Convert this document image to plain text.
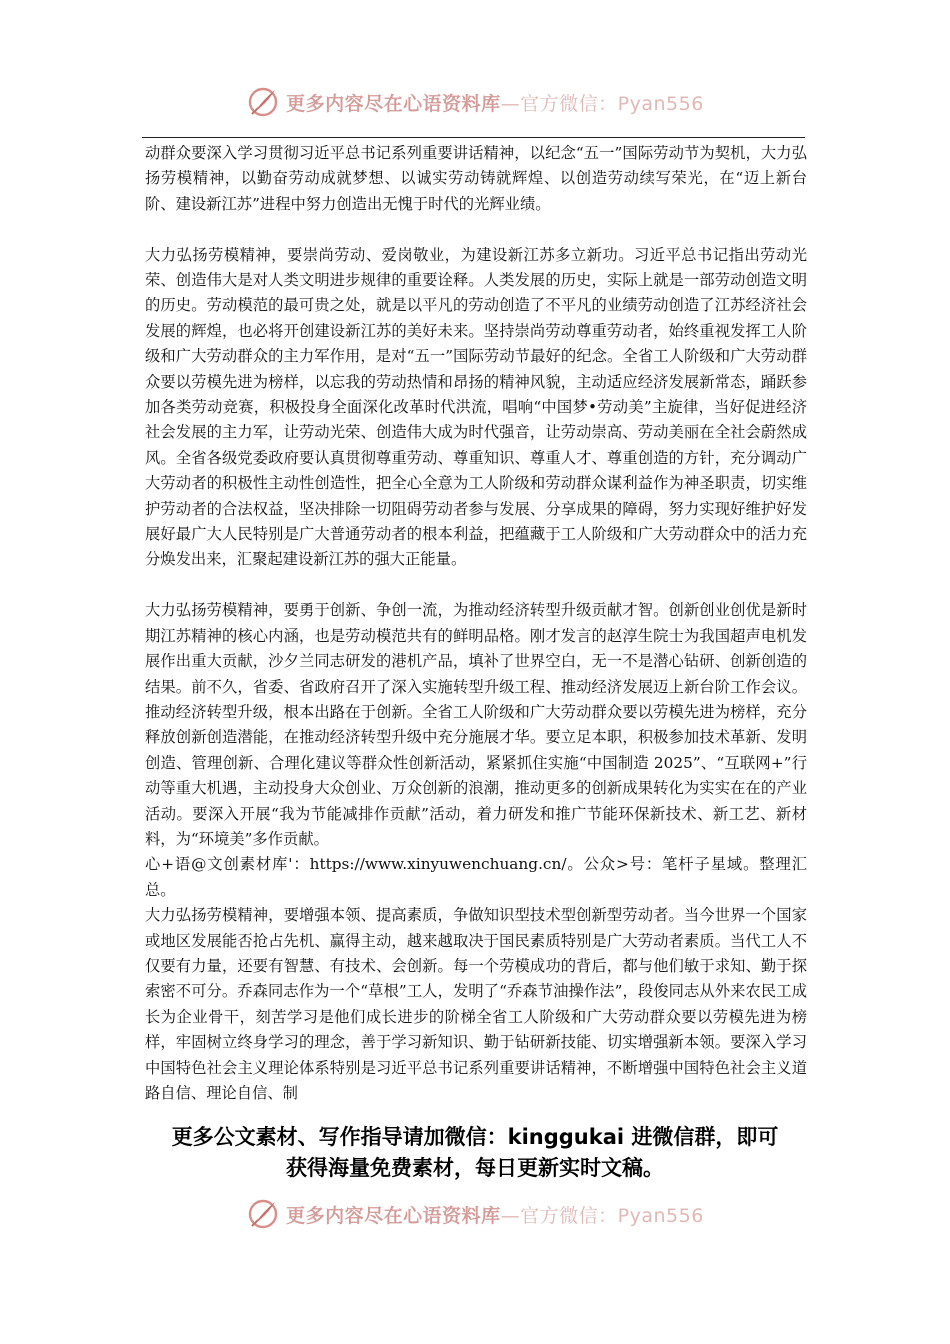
更多内容尽在心语资料库—官方微信：Pyan556

动群众要深入学习贯彻习近平总书记系列重要讲话精神，以纪念“五一”国际劳动节为契机，大力弘扬劳模精神，以勤奋劳动成就梦想、以诚实劳动铸就辉煌、以创造劳动续写荣光，在“迈上新台阶、建设新江苏”进程中努力创造出无愧于时代的光辉业绩。

大力弘扬劳模精神，要崇尚劳动、爱岗敬业，为建设新江苏多立新功。习近平总书记指出劳动光荣、创造伟大是对人类文明进步规律的重要诠释。人类发展的历史，实际上就是一部劳动创造文明的历史。劳动模范的最可贵之处，就是以平凡的劳动创造了不平凡的业绩劳动创造了江苏经济社会发展的辉煌，也必将开创建设新江苏的美好未来。坚持崇尚劳动尊重劳动者，始终重视发挥工人阶级和广大劳动群众的主力军作用，是对“五一”国际劳动节最好的纪念。全省工人阶级和广大劳动群众要以劳模先进为榜样，以忘我的劳动热情和昂扬的精神风貌，主动适应经济发展新常态，踊跃参加各类劳动竞赛，积极投身全面深化改革时代洪流，唱响“中国梦•劳动美”主旋律，当好促进经济社会发展的主力军，让劳动光荣、创造伟大成为时代强音，让劳动崇高、劳动美丽在全社会蔚然成风。全省各级党委政府要认真贯彻尊重劳动、尊重知识、尊重人才、尊重创造的方针，充分调动广大劳动者的积极性主动性创造性，把全心全意为工人阶级和劳动群众谋利益作为神圣职责，切实维护劳动者的合法权益，坚决排除一切阻碍劳动者参与发展、分享成果的障碍，努力实现好维护好发展好最广大人民特别是广大普通劳动者的根本利益，把蕴藏于工人阶级和广大劳动群众中的活力充分焕发出来，汇聚起建设新江苏的强大正能量。

大力弘扬劳模精神，要勇于创新、争创一流，为推动经济转型升级贡献才智。创新创业创优是新时期江苏精神的核心内涵，也是劳动模范共有的鲜明品格。刚才发言的赵淳生院士为我国超声电机发展作出重大贡献，沙夕兰同志研发的港机产品，填补了世界空白，无一不是潜心钻研、创新创造的结果。前不久，省委、省政府召开了深入实施转型升级工程、推动经济发展迈上新台阶工作会议。推动经济转型升级，根本出路在于创新。全省工人阶级和广大劳动群众要以劳模先进为榜样，充分释放创新创造潜能，在推动经济转型升级中充分施展才华。要立足本职，积极参加技术革新、发明创造、管理创新、合理化建议等群众性创新活动，紧紧抓住实施“中国制造 2025”、“互联网+”行动等重大机遇，主动投身大众创业、万众创新的浪潮，推动更多的创新成果转化为实实在在的产业活动。要深入开展“我为节能减排作贡献”活动，着力研发和推广节能环保新技术、新工艺、新材料，为“环境美”多作贡献。

心+语@文创素材库'：https://www.xinyuwenchuang.cn/。公众>号：笔杆子星域。整理汇总。

大力弘扬劳模精神，要增强本领、提高素质，争做知识型技术型创新型劳动者。当今世界一个国家或地区发展能否抢占先机、赢得主动，越来越取决于国民素质特别是广大劳动者素质。当代工人不仅要有力量，还要有智慧、有技术、会创新。每一个劳模成功的背后，都与他们敏于求知、勤于探索密不可分。乔森同志作为一个“草根”工人，发明了“乔森节油操作法”，段俊同志从外来农民工成长为企业骨干，刻苦学习是他们成长进步的阶梯全省工人阶级和广大劳动群众要以劳模先进为榜样，牢固树立终身学习的理念，善于学习新知识、勤于钻研新技能、切实增强新本领。要深入学习中国特色社会主义理论体系特别是习近平总书记系列重要讲话精神，不断增强中国特色社会主义道路自信、理论自信、制

更多公文素材、写作指导请加微信：kinggukai 进微信群，即可
获得海量免费素材，每日更新实时文稿。
更多内容尽在心语资料库—官方微信：Pyan556
